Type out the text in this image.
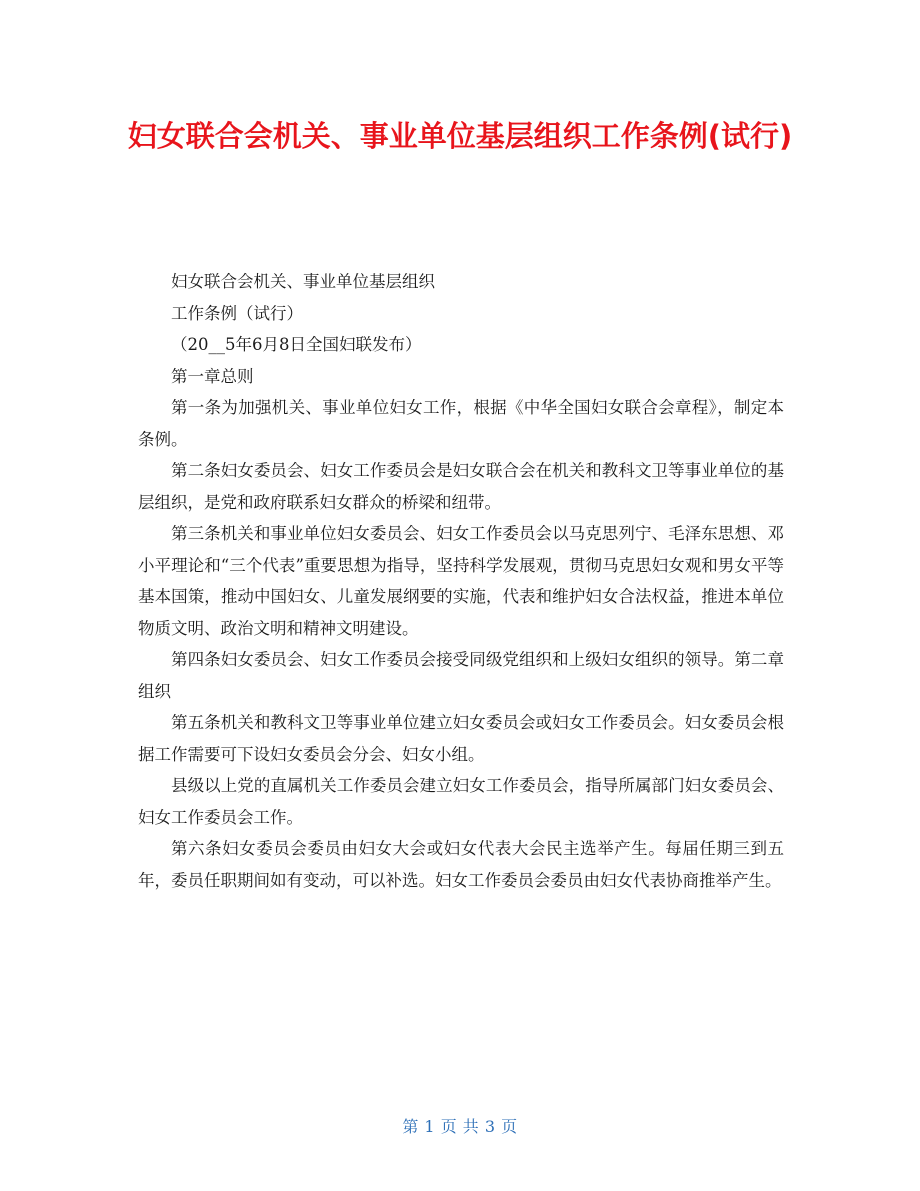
妇女联合会机关、事业单位基层组织工作条例(试行)

妇女联合会机关、事业单位基层组织

工作条例（试行）

（20__5年6月8日全国妇联发布）

第一章总则

第一条为加强机关、事业单位妇女工作，根据《中华全国妇女联合会章程》，制定本条例。

第二条妇女委员会、妇女工作委员会是妇女联合会在机关和教科文卫等事业单位的基层组织，是党和政府联系妇女群众的桥梁和纽带。

第三条机关和事业单位妇女委员会、妇女工作委员会以马克思列宁、毛泽东思想、邓小平理论和“三个代表”重要思想为指导，坚持科学发展观，贯彻马克思妇女观和男女平等基本国策，推动中国妇女、儿童发展纲要的实施，代表和维护妇女合法权益，推进本单位物质文明、政治文明和精神文明建设。

第四条妇女委员会、妇女工作委员会接受同级党组织和上级妇女组织的领导。第二章组织

第五条机关和教科文卫等事业单位建立妇女委员会或妇女工作委员会。妇女委员会根据工作需要可下设妇女委员会分会、妇女小组。

县级以上党的直属机关工作委员会建立妇女工作委员会，指导所属部门妇女委员会、妇女工作委员会工作。

第六条妇女委员会委员由妇女大会或妇女代表大会民主选举产生。每届任期三到五年，委员任职期间如有变动，可以补选。妇女工作委员会委员由妇女代表协商推举产生。

第 1 页 共 3 页
